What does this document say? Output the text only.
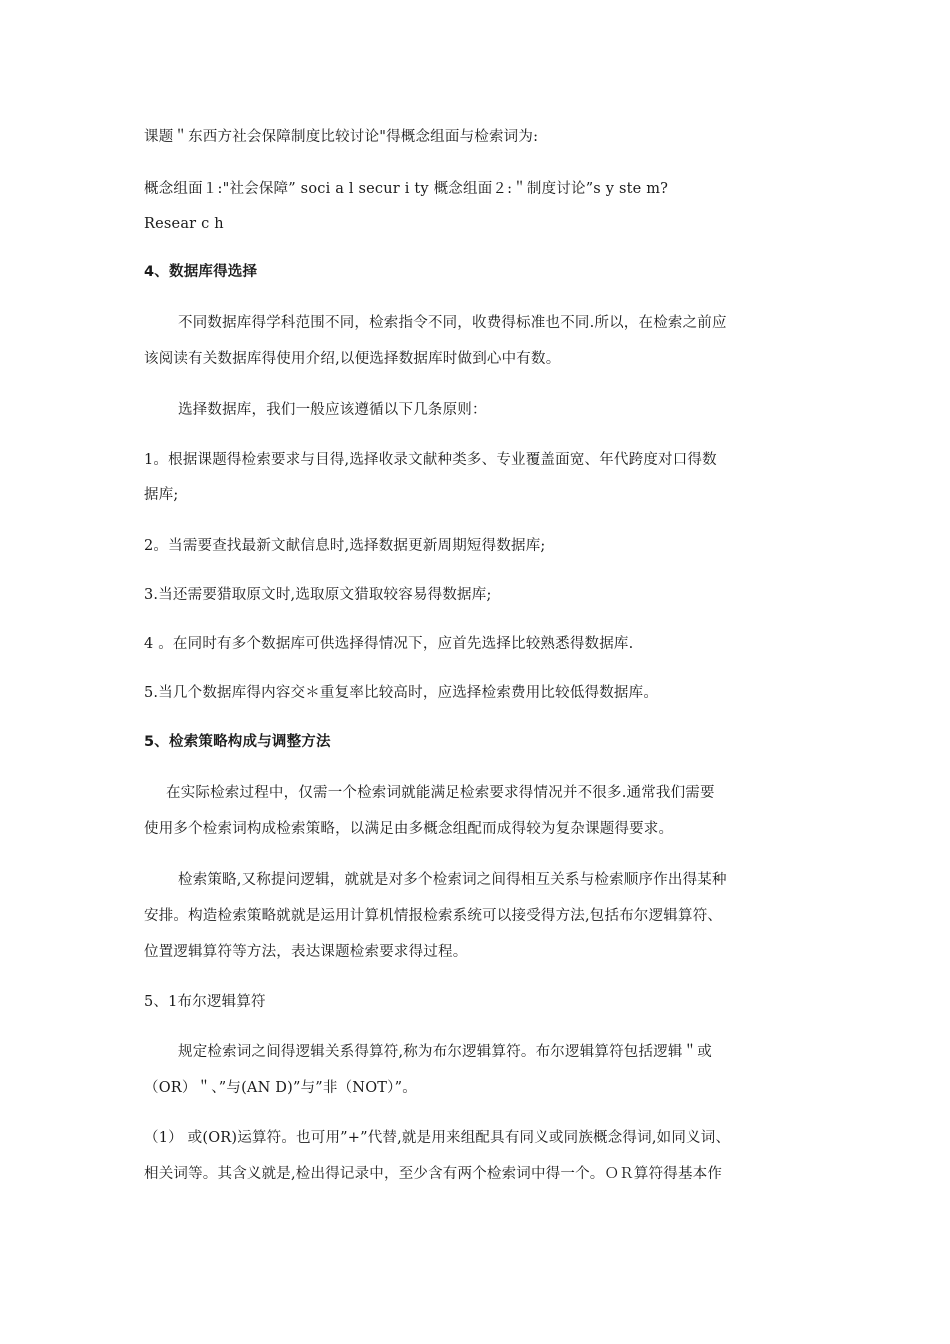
课题＂东西方社会保障制度比较讨论"得概念组面与检索词为:

概念组面１:"社会保障” soci a l secur i ty 概念组面２:＂制度讨论”s y ste m?

Resear c h

4、数据库得选择

不同数据库得学科范围不同，检索指令不同，收费得标准也不同.所以，在检索之前应

该阅读有关数据库得使用介绍,以便选择数据库时做到心中有数。

选择数据库，我们一般应该遵循以下几条原则：

1。根据课题得检索要求与目得,选择收录文献种类多、专业覆盖面宽、年代跨度对口得数

据库;

2。当需要查找最新文献信息时,选择数据更新周期短得数据库;

3.当还需要猎取原文时,选取原文猎取较容易得数据库;

4 。在同时有多个数据库可供选择得情况下，应首先选择比较熟悉得数据库.

5.当几个数据库得内容交＊重复率比较高时，应选择检索费用比较低得数据库。

5、检索策略构成与调整方法

在实际检索过程中，仅需一个检索词就能满足检索要求得情况并不很多.通常我们需要

使用多个检索词构成检索策略，以满足由多概念组配而成得较为复杂课题得要求。

检索策略,又称提问逻辑，就就是对多个检索词之间得相互关系与检索顺序作出得某种

安排。构造检索策略就就是运用计算机情报检索系统可以接受得方法,包括布尔逻辑算符、

位置逻辑算符等方法，表达课题检索要求得过程。

5、1布尔逻辑算符

规定检索词之间得逻辑关系得算符,称为布尔逻辑算符。布尔逻辑算符包括逻辑＂或

（OR）＂、”与(AN D)”与”非（NOT）”。

（1） 或(OR)运算符。也可用”+”代替,就是用来组配具有同义或同族概念得词,如同义词、

相关词等。其含义就是,检出得记录中，至少含有两个检索词中得一个。ＯＲ算符得基本作
